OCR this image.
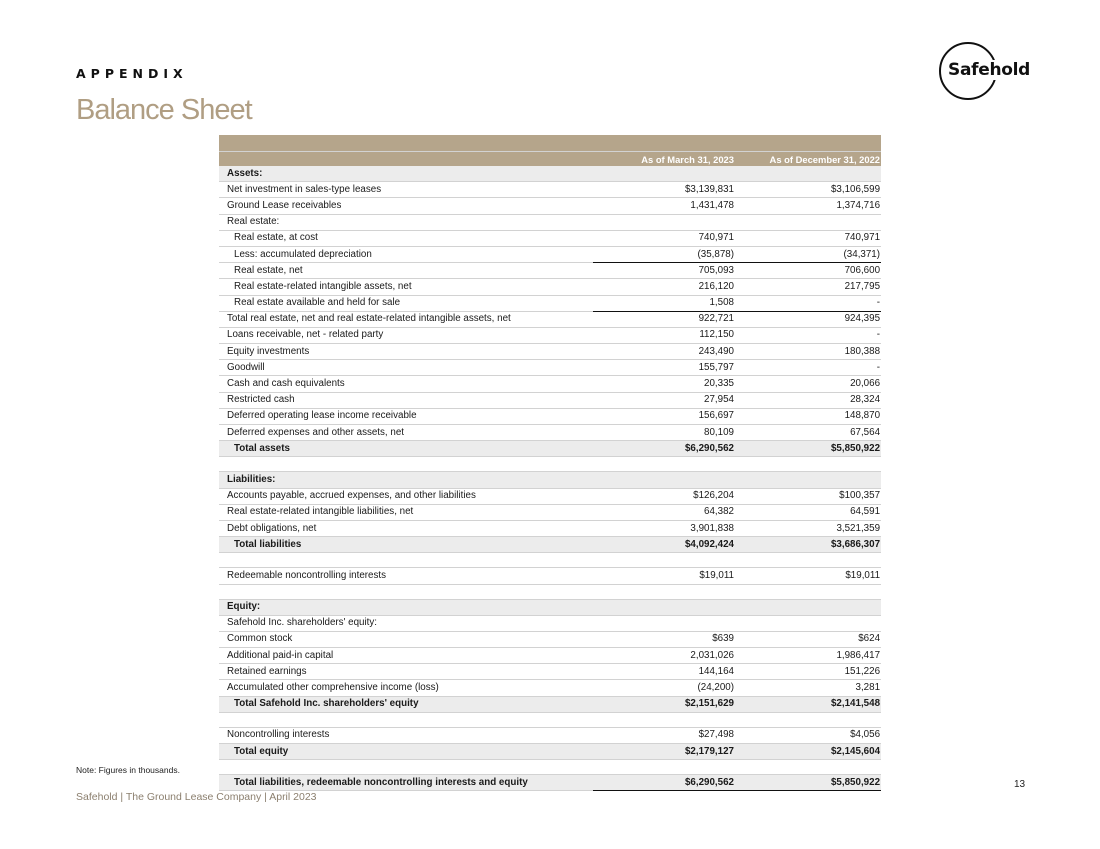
APPENDIX
Balance Sheet
Safehold

	As of March 31, 2023	As of December 31, 2022
Assets:		
Net investment in sales-type leases	$3,139,831	$3,106,599
Ground Lease receivables	1,431,478	1,374,716
Real estate:		
Real estate, at cost	740,971	740,971
Less: accumulated depreciation	(35,878)	(34,371)
Real estate, net	705,093	706,600
Real estate-related intangible assets, net	216,120	217,795
Real estate available and held for sale	1,508	-
Total real estate, net and real estate-related intangible assets, net	922,721	924,395
Loans receivable, net - related party	112,150	-
Equity investments	243,490	180,388
Goodwill	155,797	-
Cash and cash equivalents	20,335	20,066
Restricted cash	27,954	28,324
Deferred operating lease income receivable	156,697	148,870
Deferred expenses and other assets, net	80,109	67,564
Total assets	$6,290,562	$5,850,922

Liabilities:		
Accounts payable, accrued expenses, and other liabilities	$126,204	$100,357
Real estate-related intangible liabilities, net	64,382	64,591
Debt obligations, net	3,901,838	3,521,359
Total liabilities	$4,092,424	$3,686,307

Redeemable noncontrolling interests	$19,011	$19,011

Equity:		
Safehold Inc. shareholders' equity:		
Common stock	$639	$624
Additional paid-in capital	2,031,026	1,986,417
Retained earnings	144,164	151,226
Accumulated other comprehensive income (loss)	(24,200)	3,281
Total Safehold Inc. shareholders' equity	$2,151,629	$2,141,548

Noncontrolling interests	$27,498	$4,056
Total equity	$2,179,127	$2,145,604

Total liabilities, redeemable noncontrolling interests and equity	$6,290,562	$5,850,922
Note: Figures in thousands.
Safehold | The Ground Lease Company | April 2023
13
